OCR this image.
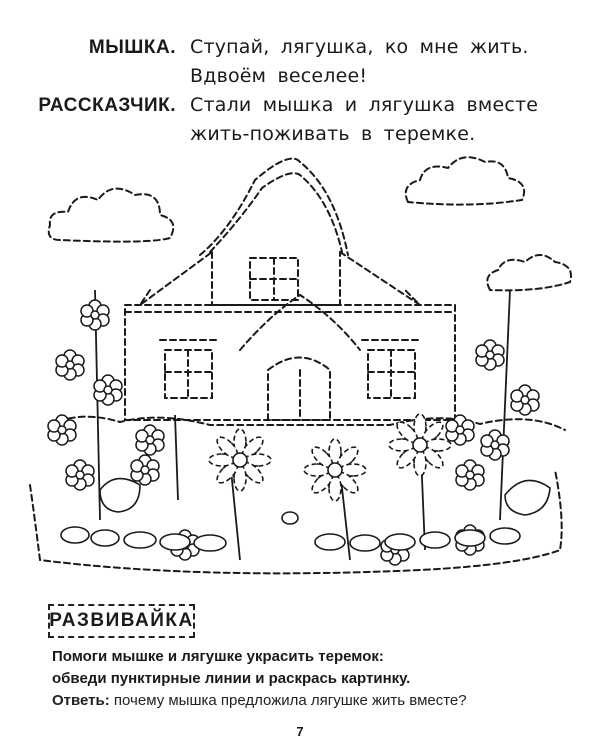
МЫШКА. Ступай, лягушка, ко мне жить.
Вдвоём веселее!
РАССКАЗЧИК. Стали мышка и лягушка вместе
жить-поживать в теремке.
РАЗВИВАЙКА
Помоги мышке и лягушке украсить теремок:
обведи пунктирные линии и раскрась картинку.
Ответь: почему мышка предложила лягушке жить вместе?
7
